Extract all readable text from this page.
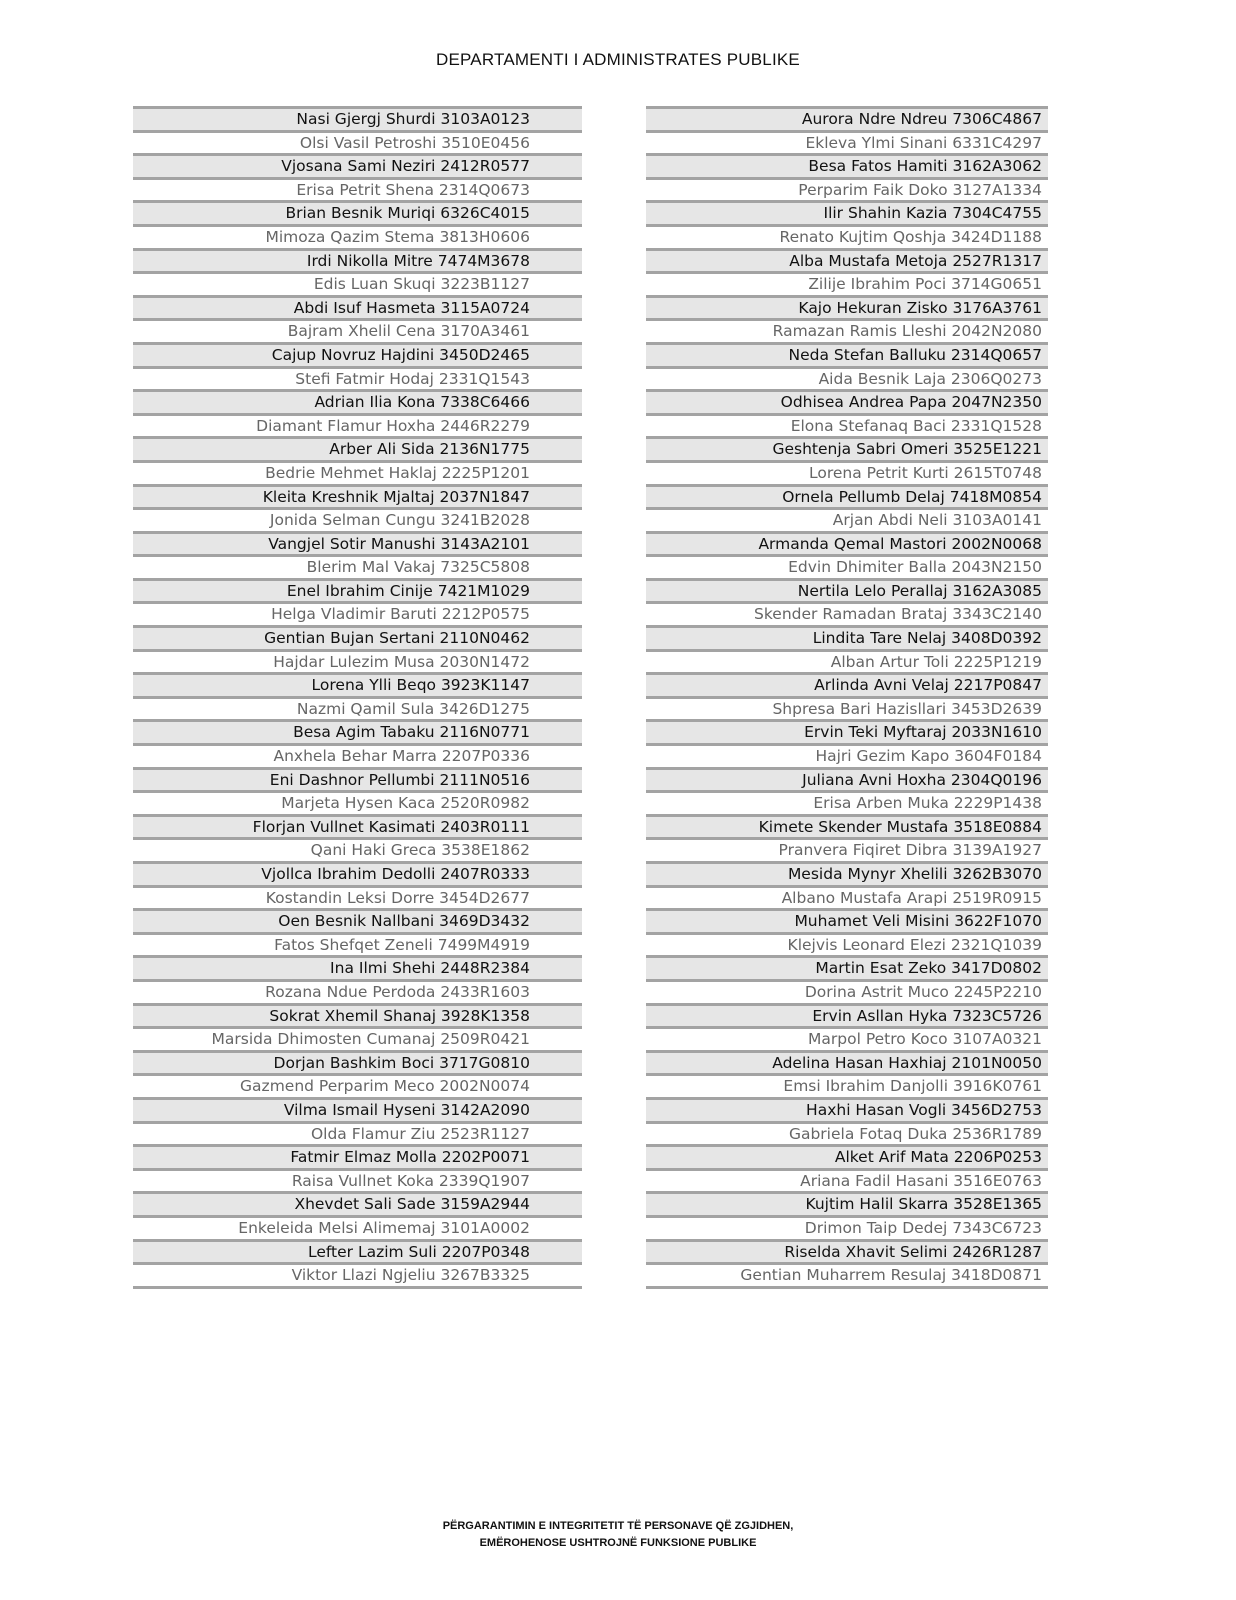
DEPARTAMENTI I ADMINISTRATES PUBLIKE
Nasi Gjergj Shurdi 3103A0123
Olsi Vasil Petroshi 3510E0456
Vjosana Sami Neziri 2412R0577
Erisa Petrit Shena 2314Q0673
Brian Besnik Muriqi 6326C4015
Mimoza Qazim Stema 3813H0606
Irdi Nikolla Mitre 7474M3678
Edis Luan Skuqi 3223B1127
Abdi Isuf Hasmeta 3115A0724
Bajram Xhelil Cena 3170A3461
Cajup Novruz Hajdini 3450D2465
Stefi Fatmir Hodaj 2331Q1543
Adrian Ilia Kona 7338C6466
Diamant Flamur Hoxha 2446R2279
Arber Ali Sida 2136N1775
Bedrie Mehmet Haklaj 2225P1201
Kleita Kreshnik Mjaltaj 2037N1847
Jonida Selman Cungu 3241B2028
Vangjel Sotir Manushi 3143A2101
Blerim Mal Vakaj 7325C5808
Enel Ibrahim Cinije 7421M1029
Helga Vladimir Baruti 2212P0575
Gentian Bujan Sertani 2110N0462
Hajdar Lulezim Musa 2030N1472
Lorena Ylli Beqo 3923K1147
Nazmi Qamil Sula 3426D1275
Besa Agim Tabaku 2116N0771
Anxhela Behar Marra 2207P0336
Eni Dashnor Pellumbi 2111N0516
Marjeta Hysen Kaca 2520R0982
Florjan Vullnet Kasimati 2403R0111
Qani Haki Greca 3538E1862
Vjollca Ibrahim Dedolli 2407R0333
Kostandin Leksi Dorre 3454D2677
Oen Besnik Nallbani 3469D3432
Fatos Shefqet Zeneli 7499M4919
Ina Ilmi Shehi 2448R2384
Rozana Ndue Perdoda 2433R1603
Sokrat Xhemil Shanaj 3928K1358
Marsida Dhimosten Cumanaj 2509R0421
Dorjan Bashkim Boci 3717G0810
Gazmend Perparim Meco 2002N0074
Vilma Ismail Hyseni 3142A2090
Olda Flamur Ziu 2523R1127
Fatmir Elmaz Molla 2202P0071
Raisa Vullnet Koka 2339Q1907
Xhevdet Sali Sade 3159A2944
Enkeleida Melsi Alimemaj 3101A0002
Lefter Lazim Suli 2207P0348
Viktor Llazi Ngjeliu 3267B3325
Aurora Ndre Ndreu 7306C4867
Ekleva Ylmi Sinani 6331C4297
Besa Fatos Hamiti 3162A3062
Perparim Faik Doko 3127A1334
Ilir Shahin Kazia 7304C4755
Renato Kujtim Qoshja 3424D1188
Alba Mustafa Metoja 2527R1317
Zilije Ibrahim Poci 3714G0651
Kajo Hekuran Zisko 3176A3761
Ramazan Ramis Lleshi 2042N2080
Neda Stefan Balluku 2314Q0657
Aida Besnik Laja 2306Q0273
Odhisea Andrea Papa 2047N2350
Elona Stefanaq Baci 2331Q1528
Geshtenja Sabri Omeri 3525E1221
Lorena Petrit Kurti 2615T0748
Ornela Pellumb Delaj 7418M0854
Arjan Abdi Neli 3103A0141
Armanda Qemal Mastori 2002N0068
Edvin Dhimiter Balla 2043N2150
Nertila Lelo Perallaj 3162A3085
Skender Ramadan Brataj 3343C2140
Lindita Tare Nelaj 3408D0392
Alban Artur Toli 2225P1219
Arlinda Avni Velaj 2217P0847
Shpresa Bari Hazisllari 3453D2639
Ervin Teki Myftaraj 2033N1610
Hajri Gezim Kapo 3604F0184
Juliana Avni Hoxha 2304Q0196
Erisa Arben Muka 2229P1438
Kimete Skender Mustafa 3518E0884
Pranvera Fiqiret Dibra 3139A1927
Mesida Mynyr Xhelili 3262B3070
Albano Mustafa Arapi 2519R0915
Muhamet Veli Misini 3622F1070
Klejvis Leonard Elezi 2321Q1039
Martin Esat Zeko 3417D0802
Dorina Astrit Muco 2245P2210
Ervin Asllan Hyka 7323C5726
Marpol Petro Koco 3107A0321
Adelina Hasan Haxhiaj 2101N0050
Emsi Ibrahim Danjolli 3916K0761
Haxhi Hasan Vogli 3456D2753
Gabriela Fotaq Duka 2536R1789
Alket Arif Mata 2206P0253
Ariana Fadil Hasani 3516E0763
Kujtim Halil Skarra 3528E1365
Drimon Taip Dedej 7343C6723
Riselda Xhavit Selimi 2426R1287
Gentian Muharrem Resulaj 3418D0871
PËRGARANTIMIN E INTEGRITETIT TË PERSONAVE QË ZGJIDHEN,
EMËROHENOSE USHTROJNË FUNKSIONE PUBLIKE
